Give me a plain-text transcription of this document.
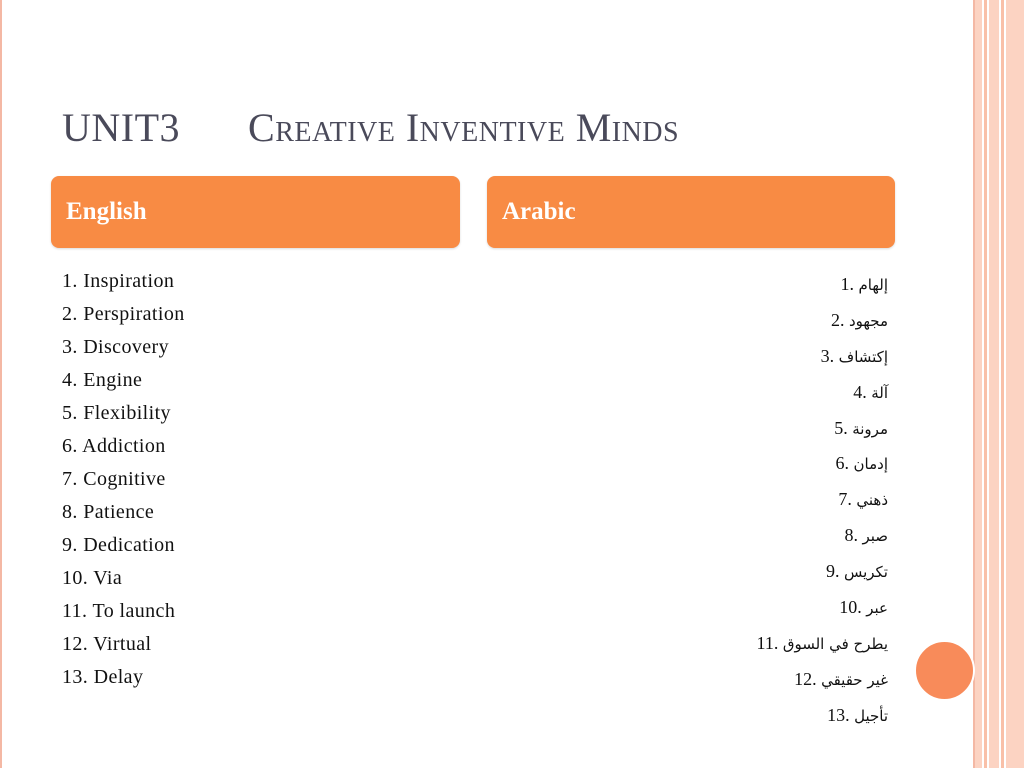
UNIT3 Creative Inventive Minds
English	Arabic
1. Inspiration
2. Perspiration
3. Discovery
4. Engine
5. Flexibility
6. Addiction
7. Cognitive
8. Patience
9. Dedication
10. Via
11. To launch
12. Virtual
13. Delay
1. إلهام
2. مجهود
3. إكتشاف
4. آلة
5. مرونة
6. إدمان
7. ذهني
8. صبر
9. تكريس
10. عبر
11. يطرح في السوق
12. غير حقيقي
13. تأجيل
